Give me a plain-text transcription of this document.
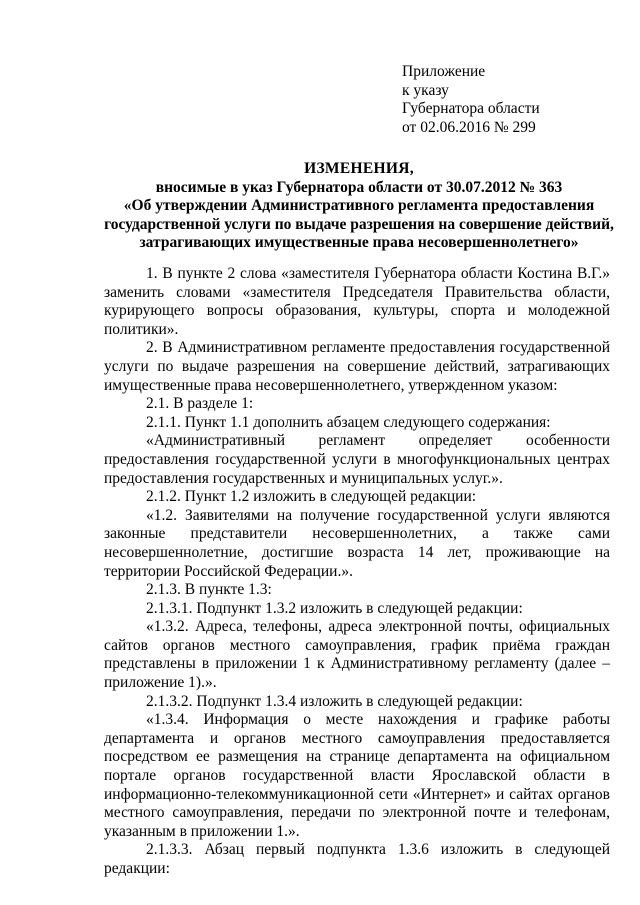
Приложение
к указу
Губернатора области
от 02.06.2016 № 299
ИЗМЕНЕНИЯ,
вносимые в указ Губернатора области от 30.07.2012 № 363
«Об утверждении Административного регламента предоставления
государственной услуги по выдаче разрешения на совершение действий,
затрагивающих имущественные права несовершеннолетнего»
1. В пункте 2 слова «заместителя Губернатора области Костина В.Г.»
заменить словами «заместителя Председателя Правительства области,
курирующего вопросы образования, культуры, спорта и молодежной
политики».
2. В Административном регламенте предоставления государственной
услуги по выдаче разрешения на совершение действий, затрагивающих
имущественные права несовершеннолетнего, утвержденном указом:
2.1. В разделе 1:
2.1.1. Пункт 1.1 дополнить абзацем следующего содержания:
«Административный регламент определяет особенности
предоставления государственной услуги в многофункциональных центрах
предоставления государственных и муниципальных услуг.».
2.1.2. Пункт 1.2 изложить в следующей редакции:
«1.2. Заявителями на получение государственной услуги являются
законные представители несовершеннолетних, а также сами
несовершеннолетние, достигшие возраста 14 лет, проживающие на
территории Российской Федерации.».
2.1.3. В пункте 1.3:
2.1.3.1. Подпункт 1.3.2 изложить в следующей редакции:
«1.3.2. Адреса, телефоны, адреса электронной почты, официальных
сайтов органов местного самоуправления, график приёма граждан
представлены в приложении 1 к Административному регламенту (далее –
приложение 1).».
2.1.3.2. Подпункт 1.3.4 изложить в следующей редакции:
«1.3.4. Информация о месте нахождения и графике работы
департамента и органов местного самоуправления предоставляется
посредством ее размещения на странице департамента на официальном
портале органов государственной власти Ярославской области в
информационно-телекоммуникационной сети «Интернет» и сайтах органов
местного самоуправления, передачи по электронной почте и телефонам,
указанным в приложении 1.».
2.1.3.3. Абзац первый подпункта 1.3.6 изложить в следующей
редакции:
